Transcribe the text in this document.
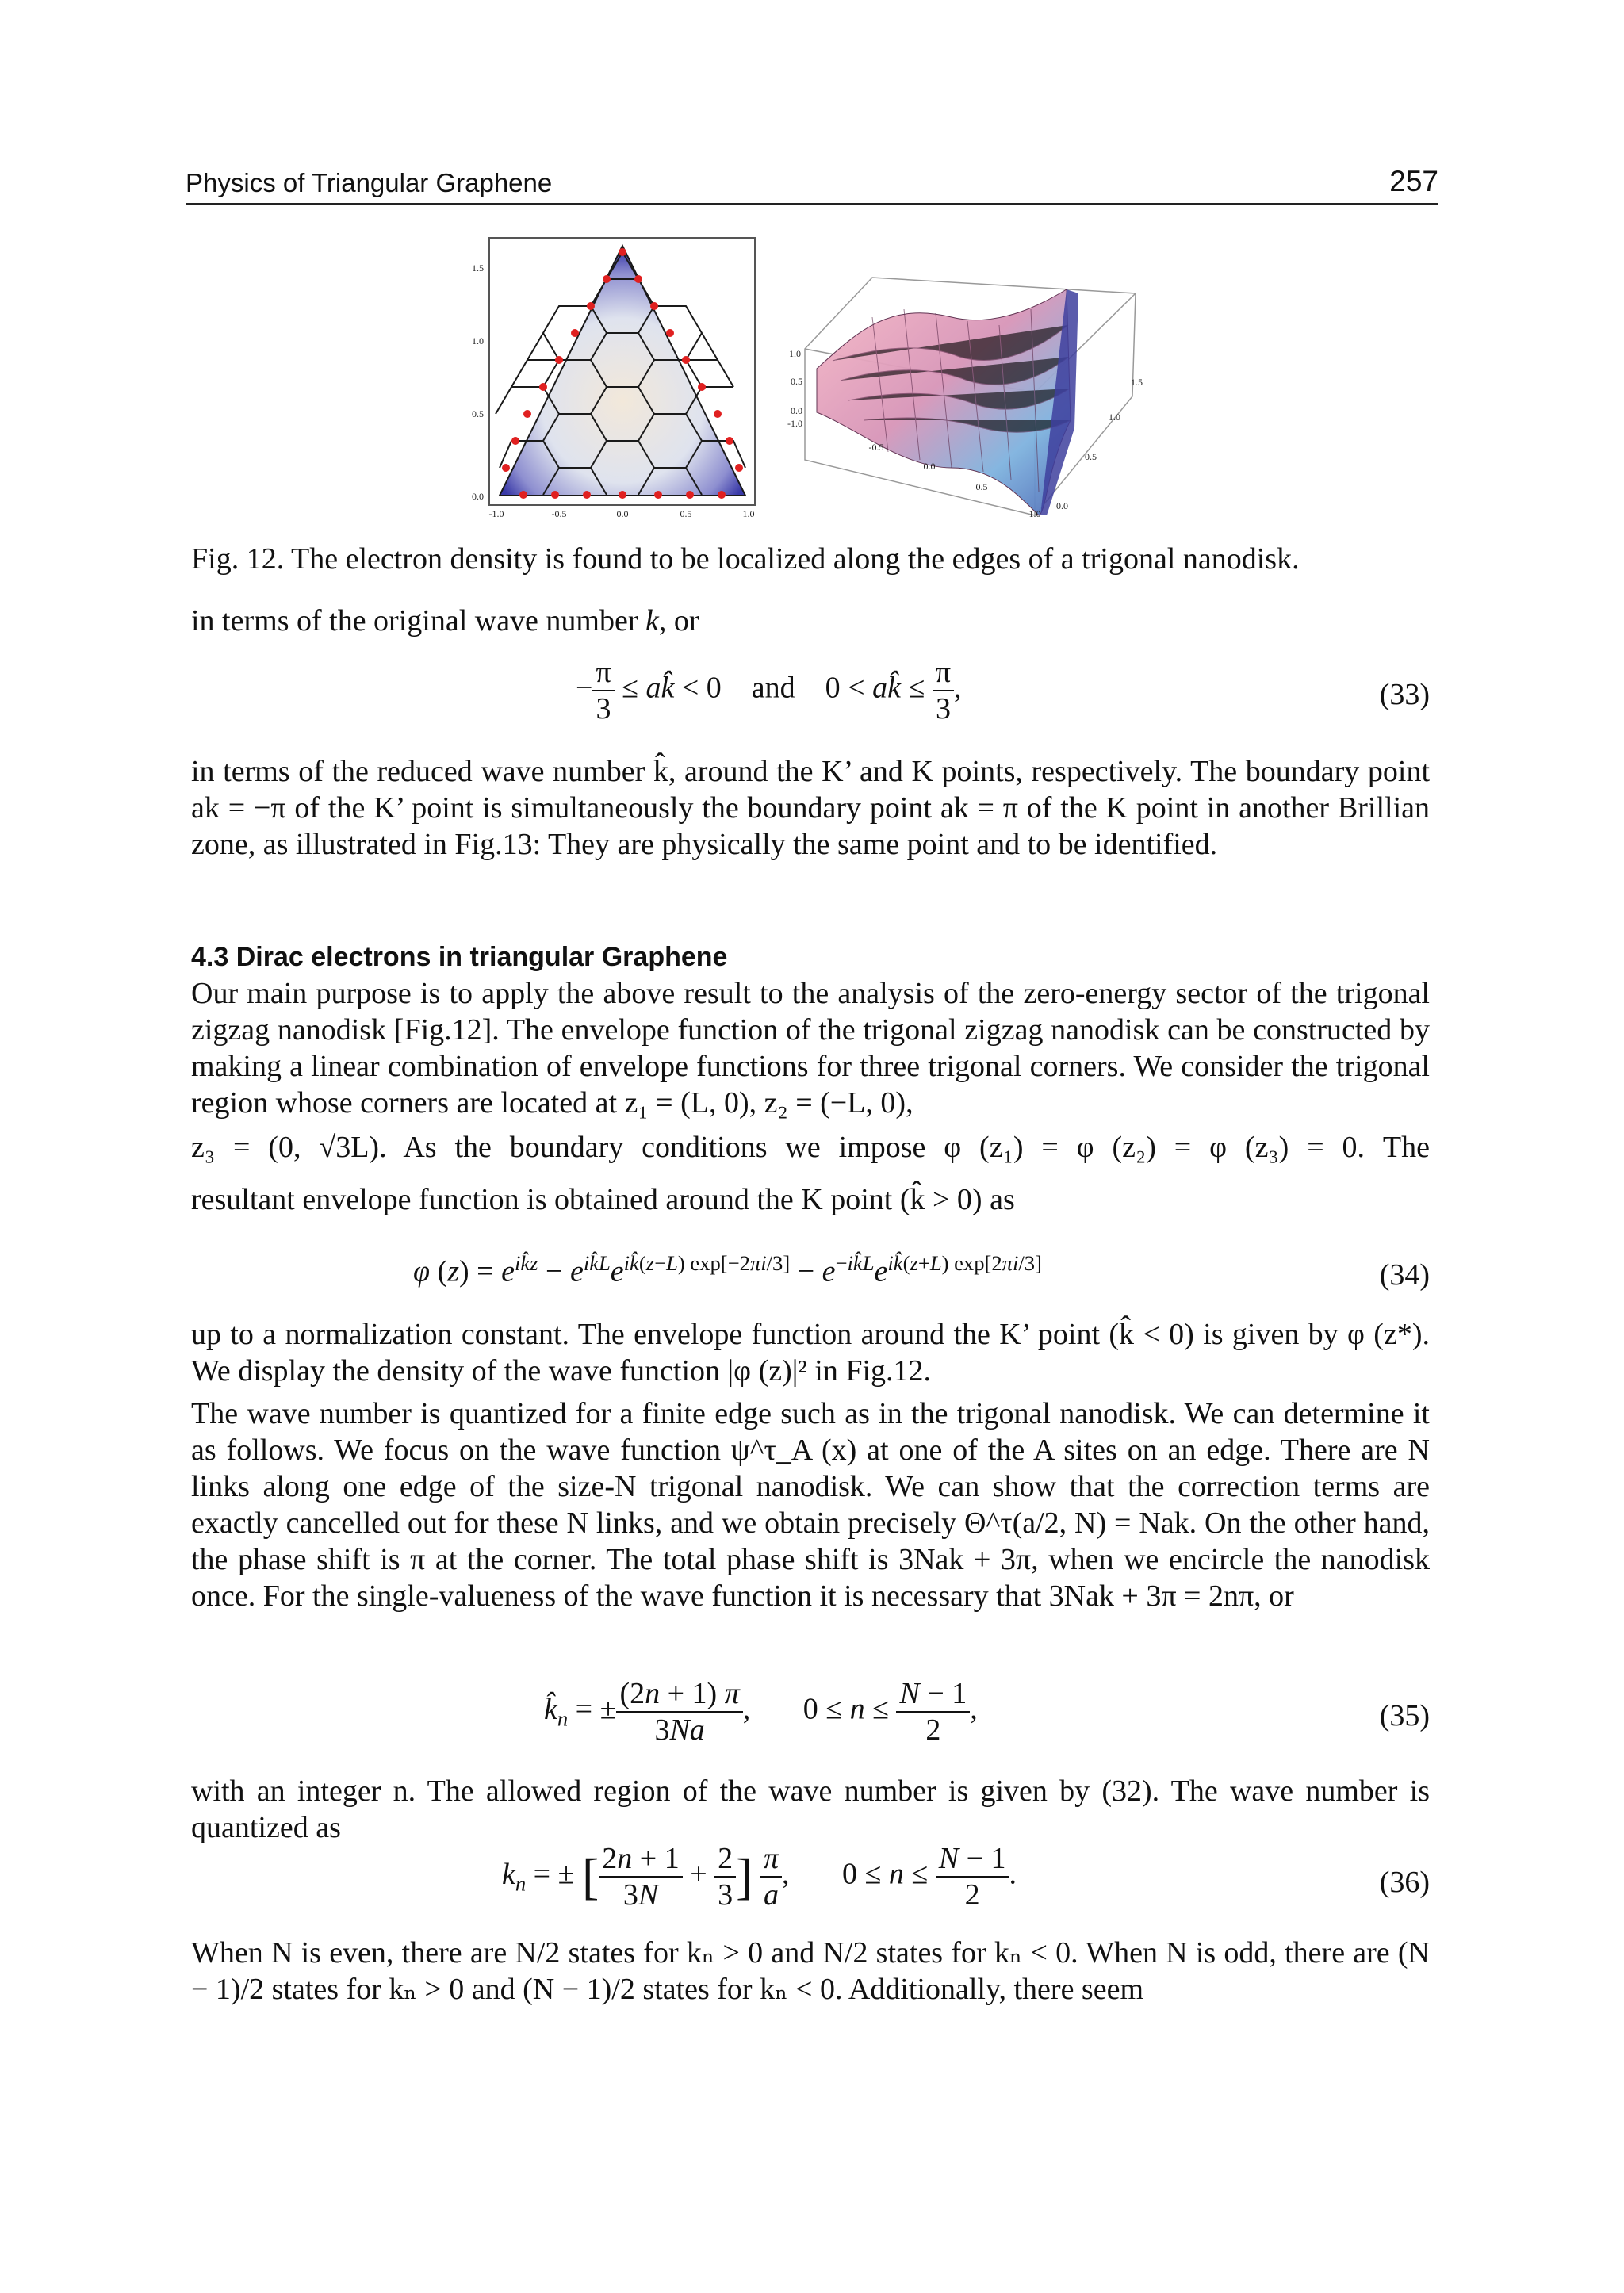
Physics of Triangular Graphene	257
1.5
1.0
0.5
0.0
-1.0	-0.5	0.0	0.5	1.0
1.0
0.5
0.0
-1.0
-0.5
0.0
0.5
1.0
0.0
0.5
1.0
1.5

Fig. 12. The electron density is found to be localized along the edges of a trigonal nanodisk.

in terms of the original wave number k, or

− $\frac{\pi}{3}$ ≤ ak̂ < 0    and    0 < ak̂ ≤ $\frac{\pi}{3}$ ,	(33)

in terms of the reduced wave number k̂, around the K’ and K points, respectively. The boundary point ak = −π of the K’ point is simultaneously the boundary point ak = π of the K point in another Brillian zone, as illustrated in Fig.13: They are physically the same point and to be identified.

4.3 Dirac electrons in triangular Graphene

Our main purpose is to apply the above result to the analysis of the zero-energy sector of the trigonal zigzag nanodisk [Fig.12]. The envelope function of the trigonal zigzag nanodisk can be constructed by making a linear combination of envelope functions for three trigonal corners. We consider the trigonal region whose corners are located at z₁ = (L, 0), z₂ = (−L, 0),

z₃ = (0, √3L). As the boundary conditions we impose φ (z₁) = φ (z₂) = φ (z₃) = 0. The

resultant envelope function is obtained around the K point (k̂ > 0) as

φ $(z) = e^{ik̂z} - e^{ik̂L}e^{ik̂(z-L) exp[-2\pi i/3]} - e^{-ik̂L}e^{ik̂(z+L) exp[2\pi i/3]}$	(34)

up to a normalization constant. The envelope function around the K’ point (k̂ < 0) is given by φ (z*). We display the density of the wave function |φ (z)|² in Fig.12.

The wave number is quantized for a finite edge such as in the trigonal nanodisk. We can determine it as follows. We focus on the wave function ψ^τ_A (x) at one of the A sites on an edge. There are N links along one edge of the size-N trigonal nanodisk. We can show that the correction terms are exactly cancelled out for these N links, and we obtain precisely Θ^τ(a/2, N) = Nak. On the other hand, the phase shift is π at the corner. The total phase shift is 3Nak + 3π, when we encircle the nanodisk once. For the single-valueness of the wave function it is necessary that 3Nak + 3π = 2nπ, or

$k̂_n$ = ± $\frac{(2n + 1) \pi}{3Na}$ ,       $0 \le n \le \frac{N - 1}{2}$ ,	(35)

with an integer n. The allowed region of the wave number is given by (32). The wave number is quantized as

$k_n$ = ± [ $\frac{2n + 1}{3N} + \frac{2}{3}$ ] $\frac{\pi}{a}$ ,       $0 \le n \le \frac{N - 1}{2}$ .	(36)

When N is even, there are N/2 states for kₙ > 0 and N/2 states for kₙ < 0. When N is odd, there are (N − 1)/2 states for kₙ > 0 and (N − 1)/2 states for kₙ < 0. Additionally, there seem
